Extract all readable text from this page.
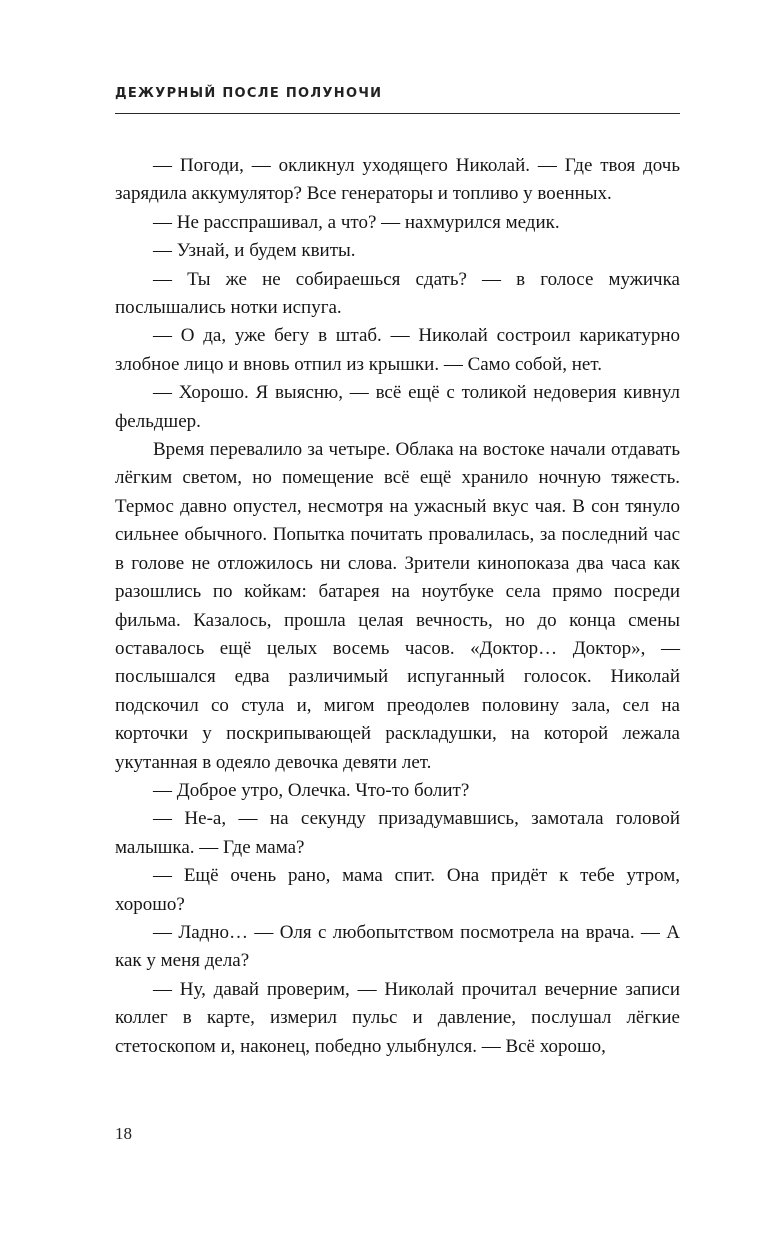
ДЕЖУРНЫЙ ПОСЛЕ ПОЛУНОЧИ

— Погоди, — окликнул уходящего Николай. — Где твоя дочь зарядила аккумулятор? Все генераторы и топливо у военных.

— Не расспрашивал, а что? — нахмурился медик.

— Узнай, и будем квиты.

— Ты же не собираешься сдать? — в голосе мужичка послышались нотки испуга.

— О да, уже бегу в штаб. — Николай состроил карикатурно злобное лицо и вновь отпил из крышки. — Само собой, нет.

— Хорошо. Я выясню, — всё ещё с толикой недоверия кивнул фельдшер.

Время перевалило за четыре. Облака на востоке начали отдавать лёгким светом, но помещение всё ещё хранило ночную тяжесть. Термос давно опустел, несмотря на ужасный вкус чая. В сон тянуло сильнее обычного. Попытка почитать провалилась, за последний час в голове не отложилось ни слова. Зрители кинопоказа два часа как разошлись по койкам: батарея на ноутбуке села прямо посреди фильма. Казалось, прошла целая вечность, но до конца смены оставалось ещё целых восемь часов. «Доктор… Доктор», — послышался едва различимый испуганный голосок. Николай подскочил со стула и, мигом преодолев половину зала, сел на корточки у поскрипывающей раскладушки, на которой лежала укутанная в одеяло девочка девяти лет.

— Доброе утро, Олечка. Что-то болит?

— Не-а, — на секунду призадумавшись, замотала головой малышка. — Где мама?

— Ещё очень рано, мама спит. Она придёт к тебе утром, хорошо?

— Ладно… — Оля с любопытством посмотрела на врача. — А как у меня дела?

— Ну, давай проверим, — Николай прочитал вечерние записи коллег в карте, измерил пульс и давление, послушал лёгкие стетоскопом и, наконец, победно улыбнулся. — Всё хорошо,

18
